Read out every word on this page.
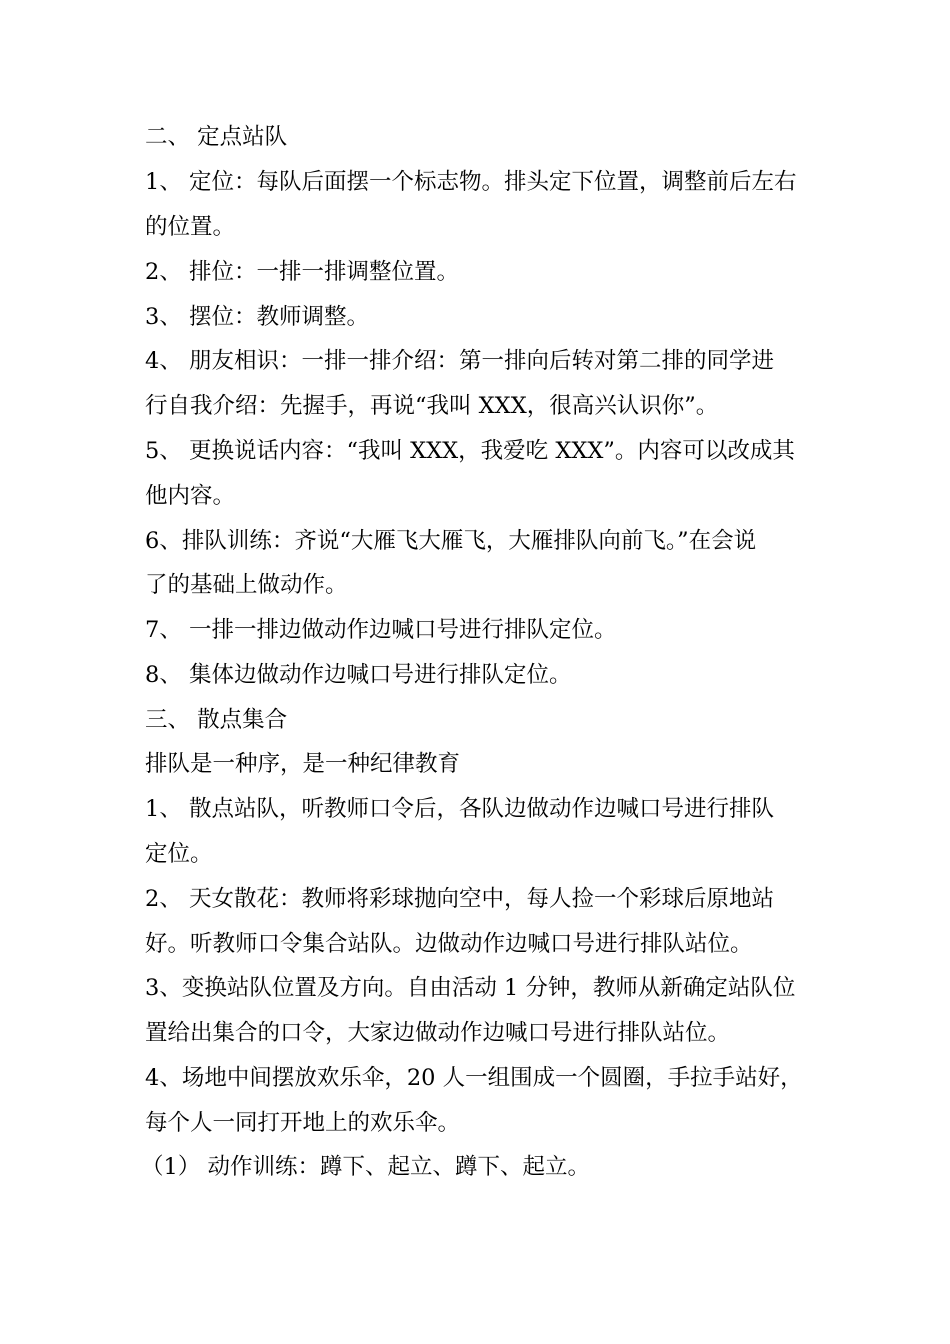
二、 定点站队
1、 定位：每队后面摆一个标志物。排头定下位置，调整前后左右
的位置。
2、 排位：一排一排调整位置。
3、 摆位：教师调整。
4、 朋友相识：一排一排介绍：第一排向后转对第二排的同学进
行自我介绍：先握手，再说“我叫 XXX，很高兴认识你”。
5、 更换说话内容：“我叫 XXX，我爱吃 XXX”。内容可以改成其
他内容。
6、排队训练：齐说“大雁飞大雁飞，大雁排队向前飞。”在会说
了的基础上做动作。
7、 一排一排边做动作边喊口号进行排队定位。
8、 集体边做动作边喊口号进行排队定位。
三、 散点集合
排队是一种序，是一种纪律教育
1、 散点站队，听教师口令后，各队边做动作边喊口号进行排队
定位。
2、 天女散花：教师将彩球抛向空中，每人捡一个彩球后原地站
好。听教师口令集合站队。边做动作边喊口号进行排队站位。
3、变换站队位置及方向。自由活动 1 分钟，教师从新确定站队位
置给出集合的口令，大家边做动作边喊口号进行排队站位。
4、场地中间摆放欢乐伞，20 人一组围成一个圆圈，手拉手站好，
每个人一同打开地上的欢乐伞。
（1） 动作训练：蹲下、起立、蹲下、起立。
